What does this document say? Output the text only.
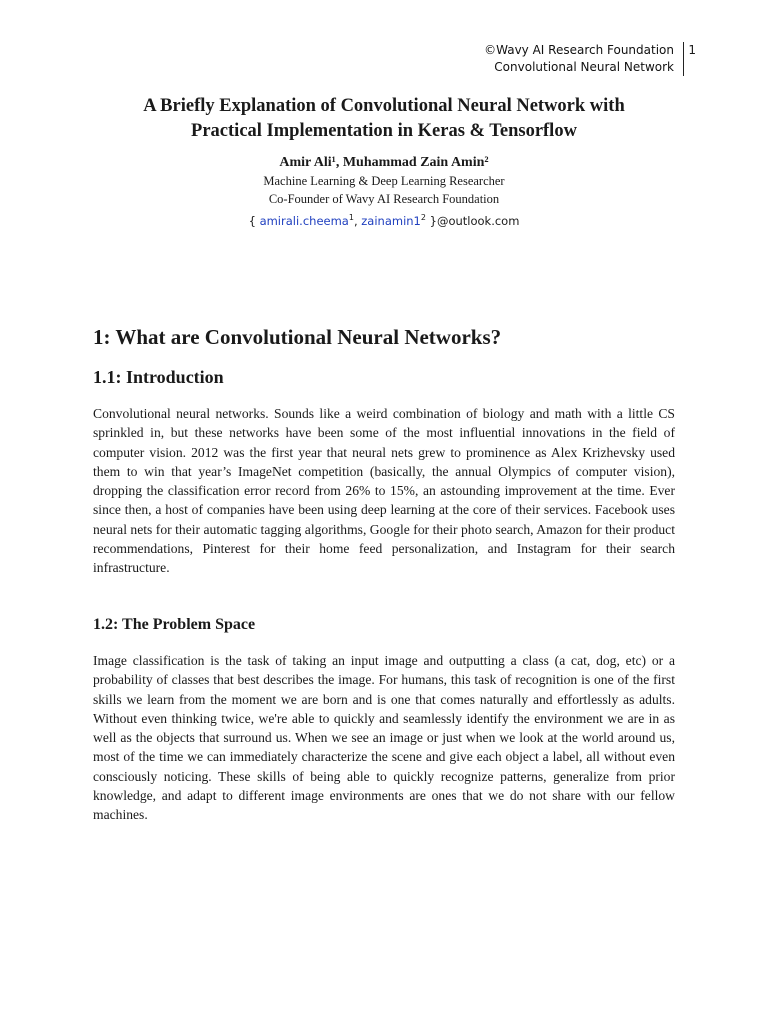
©Wavy AI Research Foundation
Convolutional Neural Network
1
A Briefly Explanation of Convolutional Neural Network with
Practical Implementation in Keras & Tensorflow
Amir Ali¹, Muhammad Zain Amin²
Machine Learning & Deep Learning Researcher
Co-Founder of Wavy AI Research Foundation
{ amirali.cheema$^1$, $zainamin1^2$ }@outlook.com
1: What are Convolutional Neural Networks?
1.1: Introduction

Convolutional neural networks. Sounds like a weird combination of biology and math with a little CS sprinkled in, but these networks have been some of the most influential innovations in the field of computer vision. 2012 was the first year that neural nets grew to prominence as Alex Krizhevsky used them to win that year’s ImageNet competition (basically, the annual Olympics of computer vision), dropping the classification error record from 26% to 15%, an astounding improvement at the time. Ever since then, a host of companies have been using deep learning at the core of their services. Facebook uses neural nets for their automatic tagging algorithms, Google for their photo search, Amazon for their product recommendations, Pinterest for their home feed personalization, and Instagram for their search infrastructure.

1.2: The Problem Space

Image classification is the task of taking an input image and outputting a class (a cat, dog, etc) or a probability of classes that best describes the image. For humans, this task of recognition is one of the first skills we learn from the moment we are born and is one that comes naturally and effortlessly as adults. Without even thinking twice, we're able to quickly and seamlessly identify the environment we are in as well as the objects that surround us. When we see an image or just when we look at the world around us, most of the time we can immediately characterize the scene and give each object a label, all without even consciously noticing. These skills of being able to quickly recognize patterns, generalize from prior knowledge, and adapt to different image environments are ones that we do not share with our fellow machines.
